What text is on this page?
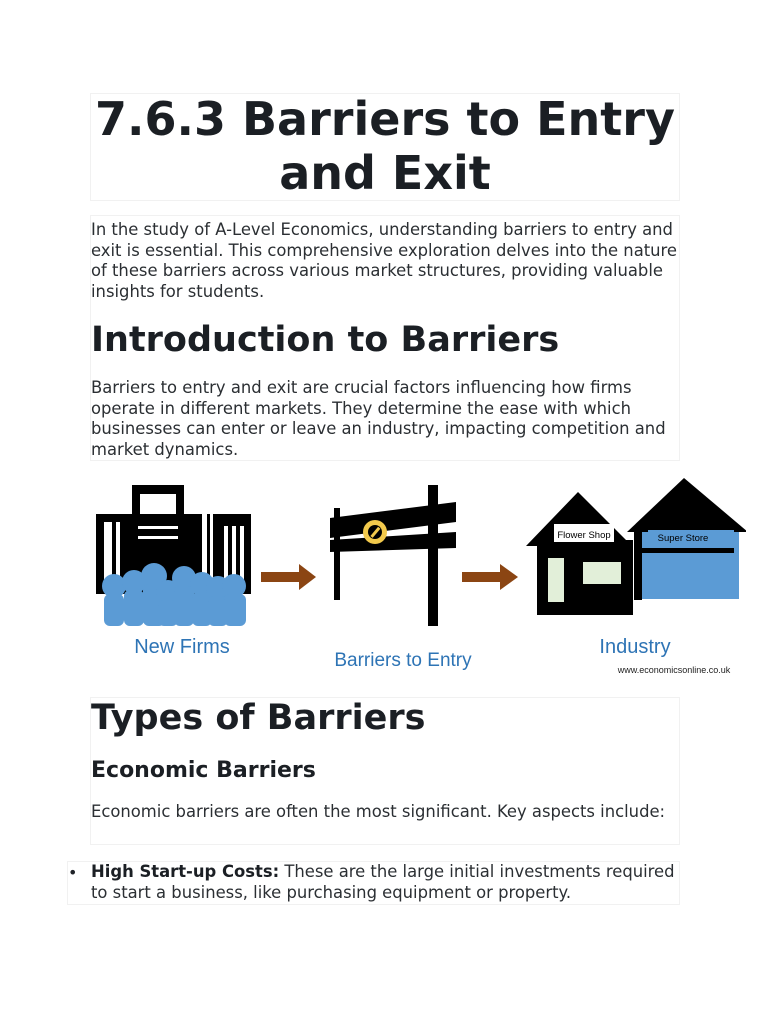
7.6.3 Barriers to Entry and Exit

In the study of A-Level Economics, understanding barriers to entry and exit is essential. This comprehensive exploration delves into the nature of these barriers across various market structures, providing valuable insights for students.

Introduction to Barriers

Barriers to entry and exit are crucial factors influencing how firms operate in different markets. They determine the ease with which businesses can enter or leave an industry, impacting competition and market dynamics.

New Firms
Barriers to Entry
Industry
Flower Shop	Super Store
www.economicsonline.co.uk
Types of Barriers
Economic Barriers

Economic barriers are often the most significant. Key aspects include:

• High Start-up Costs: These are the large initial investments required to start a business, like purchasing equipment or property.
